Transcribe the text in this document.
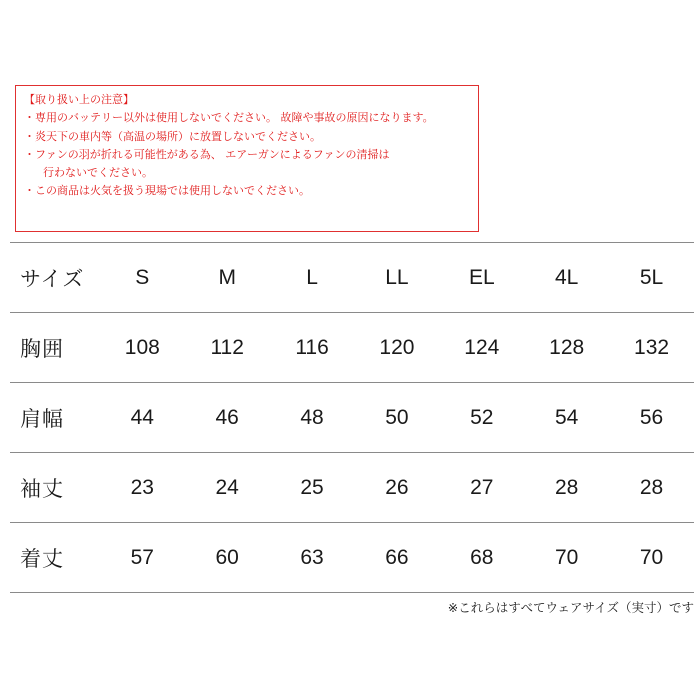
【取り扱い上の注意】
・専用のバッテリー以外は使用しないでください。 故障や事故の原因になります。
・炎天下の車内等（高温の場所）に放置しないでください。
・ファンの羽が折れる可能性がある為、 エアーガンによるファンの清掃は
行わないでください。
・この商品は火気を扱う現場では使用しないでください。
サイズ	S	M	L	LL	EL	4L	5L
胸囲	108	112	116	120	124	128	132
肩幅	44	46	48	50	52	54	56
袖丈	23	24	25	26	27	28	28
着丈	57	60	63	66	68	70	70
※これらはすべてウェアサイズ（実寸）です
